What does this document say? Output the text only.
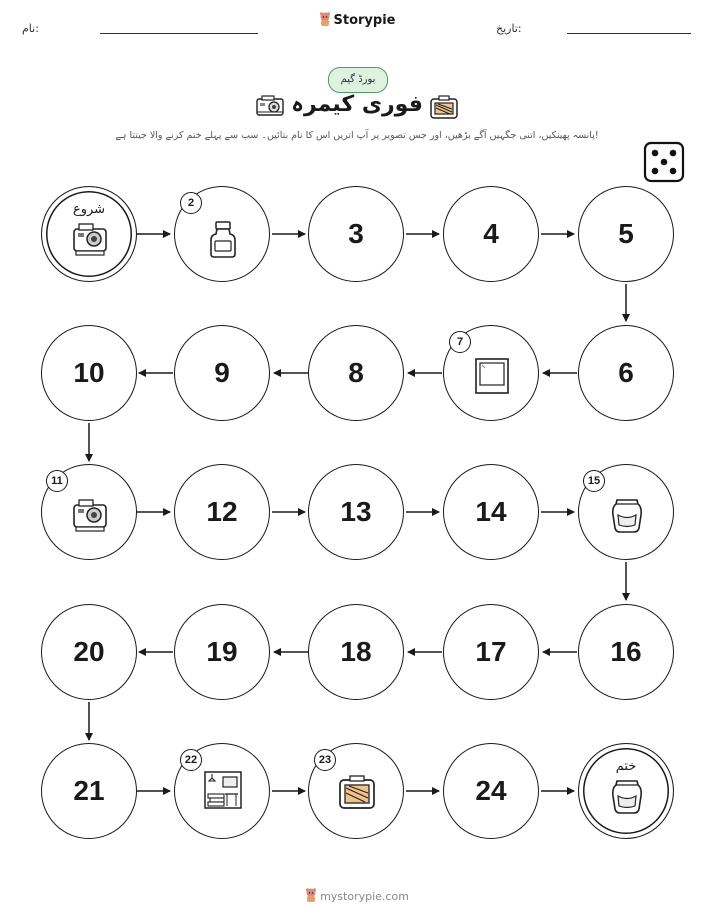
نام:	تاریخ:
Storypie
بورڈ گیم
فوری کیمرہ
پانسہ پھینکیں، اتنی جگہیں آگے بڑھیں، اور جس تصویر پر آپ اتریں اس کا نام بتائیں۔ سب سے پہلے ختم کرنے والا جیتتا ہے!
شروع
3	4	5
10	9	8	6
12	13	14
20	19	18	17	16
21	24
ختم
2
7
11	15
22	23
mystorypie.com
